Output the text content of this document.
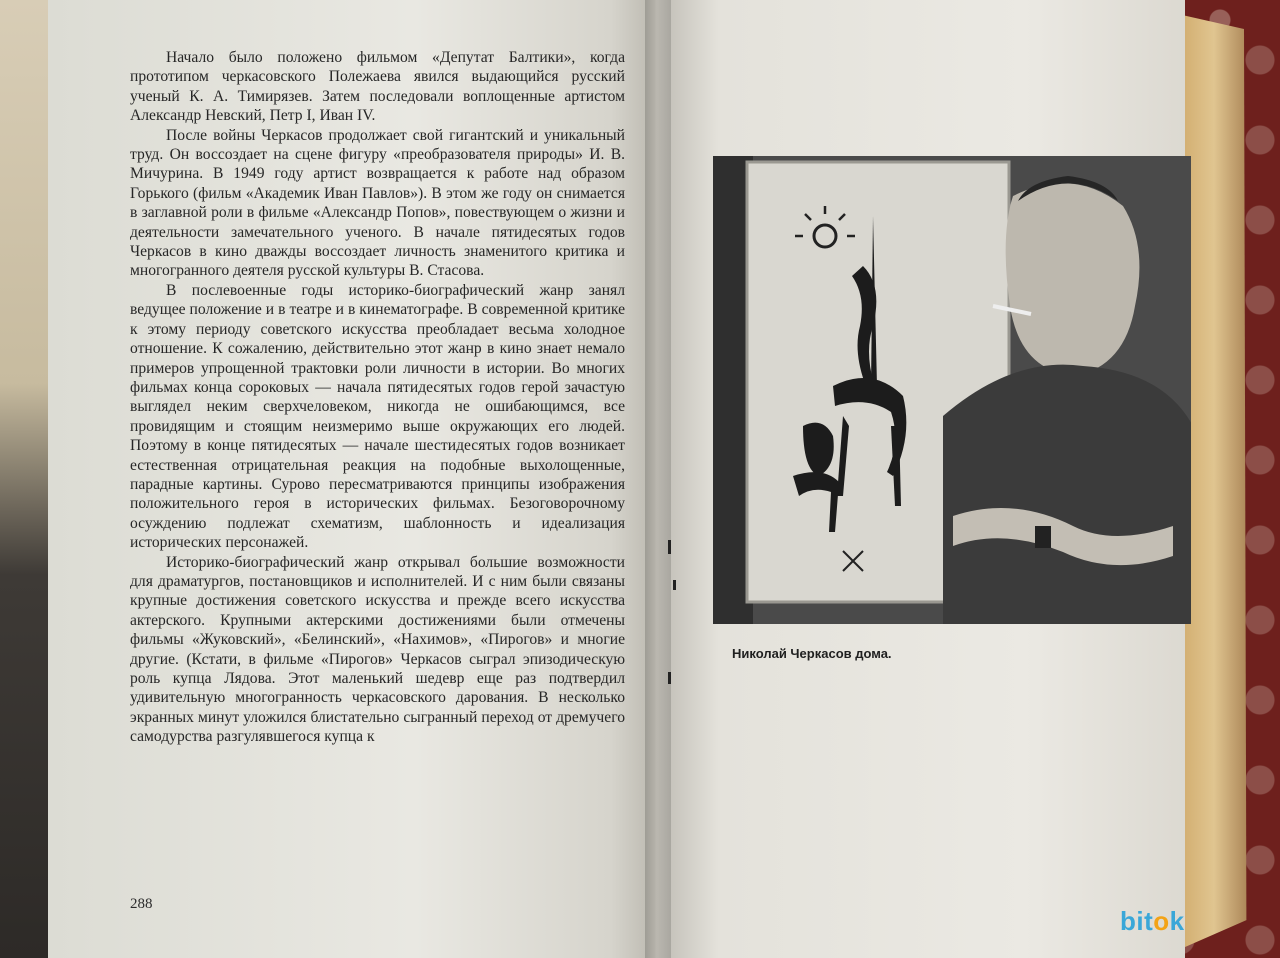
Начало было положено фильмом «Депутат Балтики», когда прототипом черкасовского Полежаева явился выдающийся русский ученый К. А. Тимирязев. Затем последовали воплощенные артистом Александр Невский, Петр I, Иван IV.

После войны Черкасов продолжает свой гигантский и уникальный труд. Он воссоздает на сцене фигуру «преобразователя природы» И. В. Мичурина. В 1949 году артист возвращается к работе над образом Горького (фильм «Академик Иван Павлов»). В этом же году он снимается в заглавной роли в фильме «Александр Попов», повествующем о жизни и деятельности замечательного ученого. В начале пятидесятых годов Черкасов в кино дважды воссоздает личность знаменитого критика и многогранного деятеля русской культуры В. Стасова.

В послевоенные годы историко-биографический жанр занял ведущее положение и в театре и в кинематографе. В современной критике к этому периоду советского искусства преобладает весьма холодное отношение. К сожалению, действительно этот жанр в кино знает немало примеров упрощенной трактовки роли личности в истории. Во многих фильмах конца сороковых — начала пятидесятых годов герой зачастую выглядел неким сверхчеловеком, никогда не ошибающимся, все провидящим и стоящим неизмеримо выше окружающих его людей. Поэтому в конце пятидесятых — начале шестидесятых годов возникает естественная отрицательная реакция на подобные выхолощенные, парадные картины. Сурово пересматриваются принципы изображения положительного героя в исторических фильмах. Безоговорочному осуждению подлежат схематизм, шаблонность и идеализация исторических персонажей.

Историко-биографический жанр открывал большие возможности для драматургов, постановщиков и исполнителей. И с ним были связаны крупные достижения советского искусства и прежде всего искусства актерского. Крупными актерскими достижениями были отмечены фильмы «Жуковский», «Белинский», «Нахимов», «Пирогов» и многие другие. (Кстати, в фильме «Пирогов» Черкасов сыграл эпизодическую роль купца Лядова. Этот маленький шедевр еще раз подтвердил удивительную многогранность черкасовского дарования. В несколько экранных минут уложился блистательно сыгранный переход от дремучего самодурства разгулявшегося купца к

288
Николай Черкасов дома.
bitok
